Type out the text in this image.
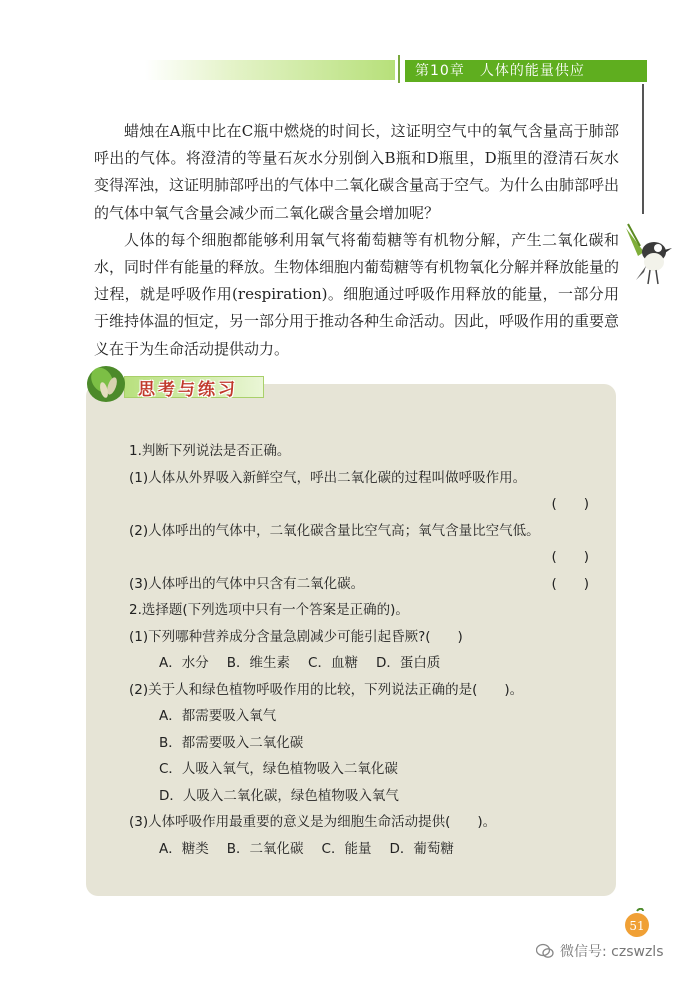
第10章　人体的能量供应

蜡烛在A瓶中比在C瓶中燃烧的时间长，这证明空气中的氧气含量高于肺部呼出的气体。将澄清的等量石灰水分别倒入B瓶和D瓶里，D瓶里的澄清石灰水变得浑浊，这证明肺部呼出的气体中二氧化碳含量高于空气。为什么由肺部呼出的气体中氧气含量会减少而二氧化碳含量会增加呢？

人体的每个细胞都能够利用氧气将葡萄糖等有机物分解，产生二氧化碳和水，同时伴有能量的释放。生物体细胞内葡萄糖等有机物氧化分解并释放能量的过程，就是呼吸作用(respiration)。细胞通过呼吸作用释放的能量，一部分用于维持体温的恒定，另一部分用于推动各种生命活动。因此，呼吸作用的重要意义在于为生命活动提供动力。

思考与练习
1.判断下列说法是否正确。
(1)人体从外界吸入新鲜空气，呼出二氧化碳的过程叫做呼吸作用。
(　　)
(2)人体呼出的气体中，二氧化碳含量比空气高；氧气含量比空气低。
(　　)
(3)人体呼出的气体中只含有二氧化碳。	(　　)
2.选择题(下列选项中只有一个答案是正确的)。
(1)下列哪种营养成分含量急剧减少可能引起昏厥?(　　)
A．水分 B．维生素 C．血糖 D．蛋白质
(2)关于人和绿色植物呼吸作用的比较，下列说法正确的是(　　)。
A．都需要吸入氧气
B．都需要吸入二氧化碳
C．人吸入氧气，绿色植物吸入二氧化碳
D．人吸入二氧化碳，绿色植物吸入氧气
(3)人体呼吸作用最重要的意义是为细胞生命活动提供(　　)。
A．糖类 B．二氧化碳 C．能量 D．葡萄糖
51
微信号: czswzls
